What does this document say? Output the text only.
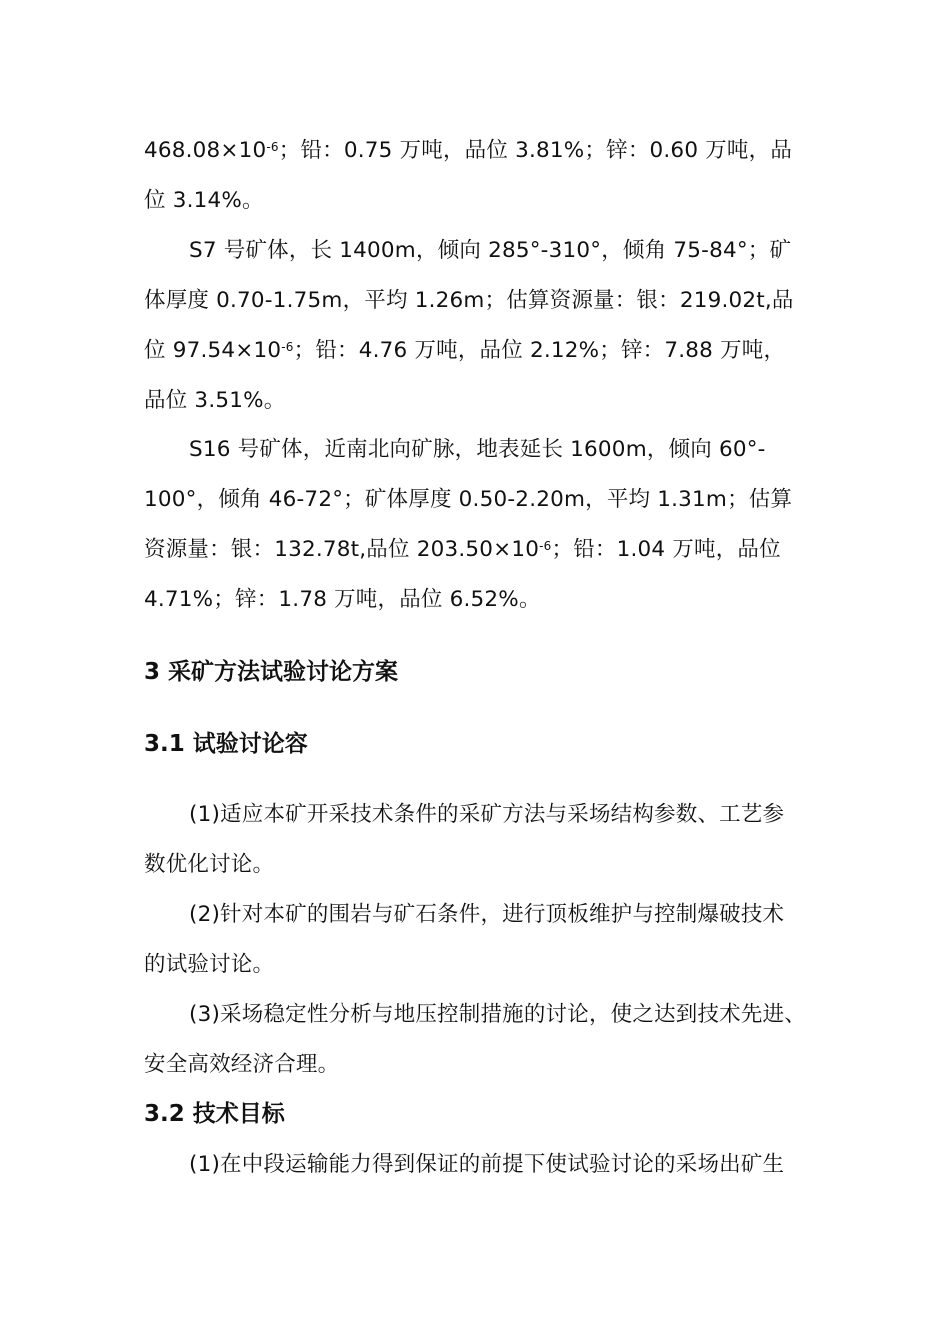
$468.08\times 10^{-6}$；铅：0.75 万吨，品位 3.81%；锌：0.60 万吨，品
位 3.14%。
S7 号矿体，长 1400m，倾向 285°-310°，倾角 75-84°；矿
体厚度 0.70-1.75m，平均 1.26m；估算资源量：银：219.02t,品
位 $97.54\times 10^{-6}$；铅：4.76 万吨，品位 2.12%；锌：7.88 万吨，
品位 3.51%。
S16 号矿体，近南北向矿脉，地表延长 1600m，倾向 60°-
100°，倾角 46-72°；矿体厚度 0.50-2.20m，平均 1.31m；估算
资源量：银：132.78t,品位 $203.50\times 10^{-6}$；铅：1.04 万吨，品位
4.71%；锌：1.78 万吨，品位 6.52%。
3 采矿方法试验讨论方案
3.1 试验讨论容
(1)适应本矿开采技术条件的采矿方法与采场结构参数、工艺参
数优化讨论。
(2)针对本矿的围岩与矿石条件，进行顶板维护与控制爆破技术
的试验讨论。
(3)采场稳定性分析与地压控制措施的讨论，使之达到技术先进、
安全高效经济合理。
3.2 技术目标
(1)在中段运输能力得到保证的前提下使试验讨论的采场出矿生
